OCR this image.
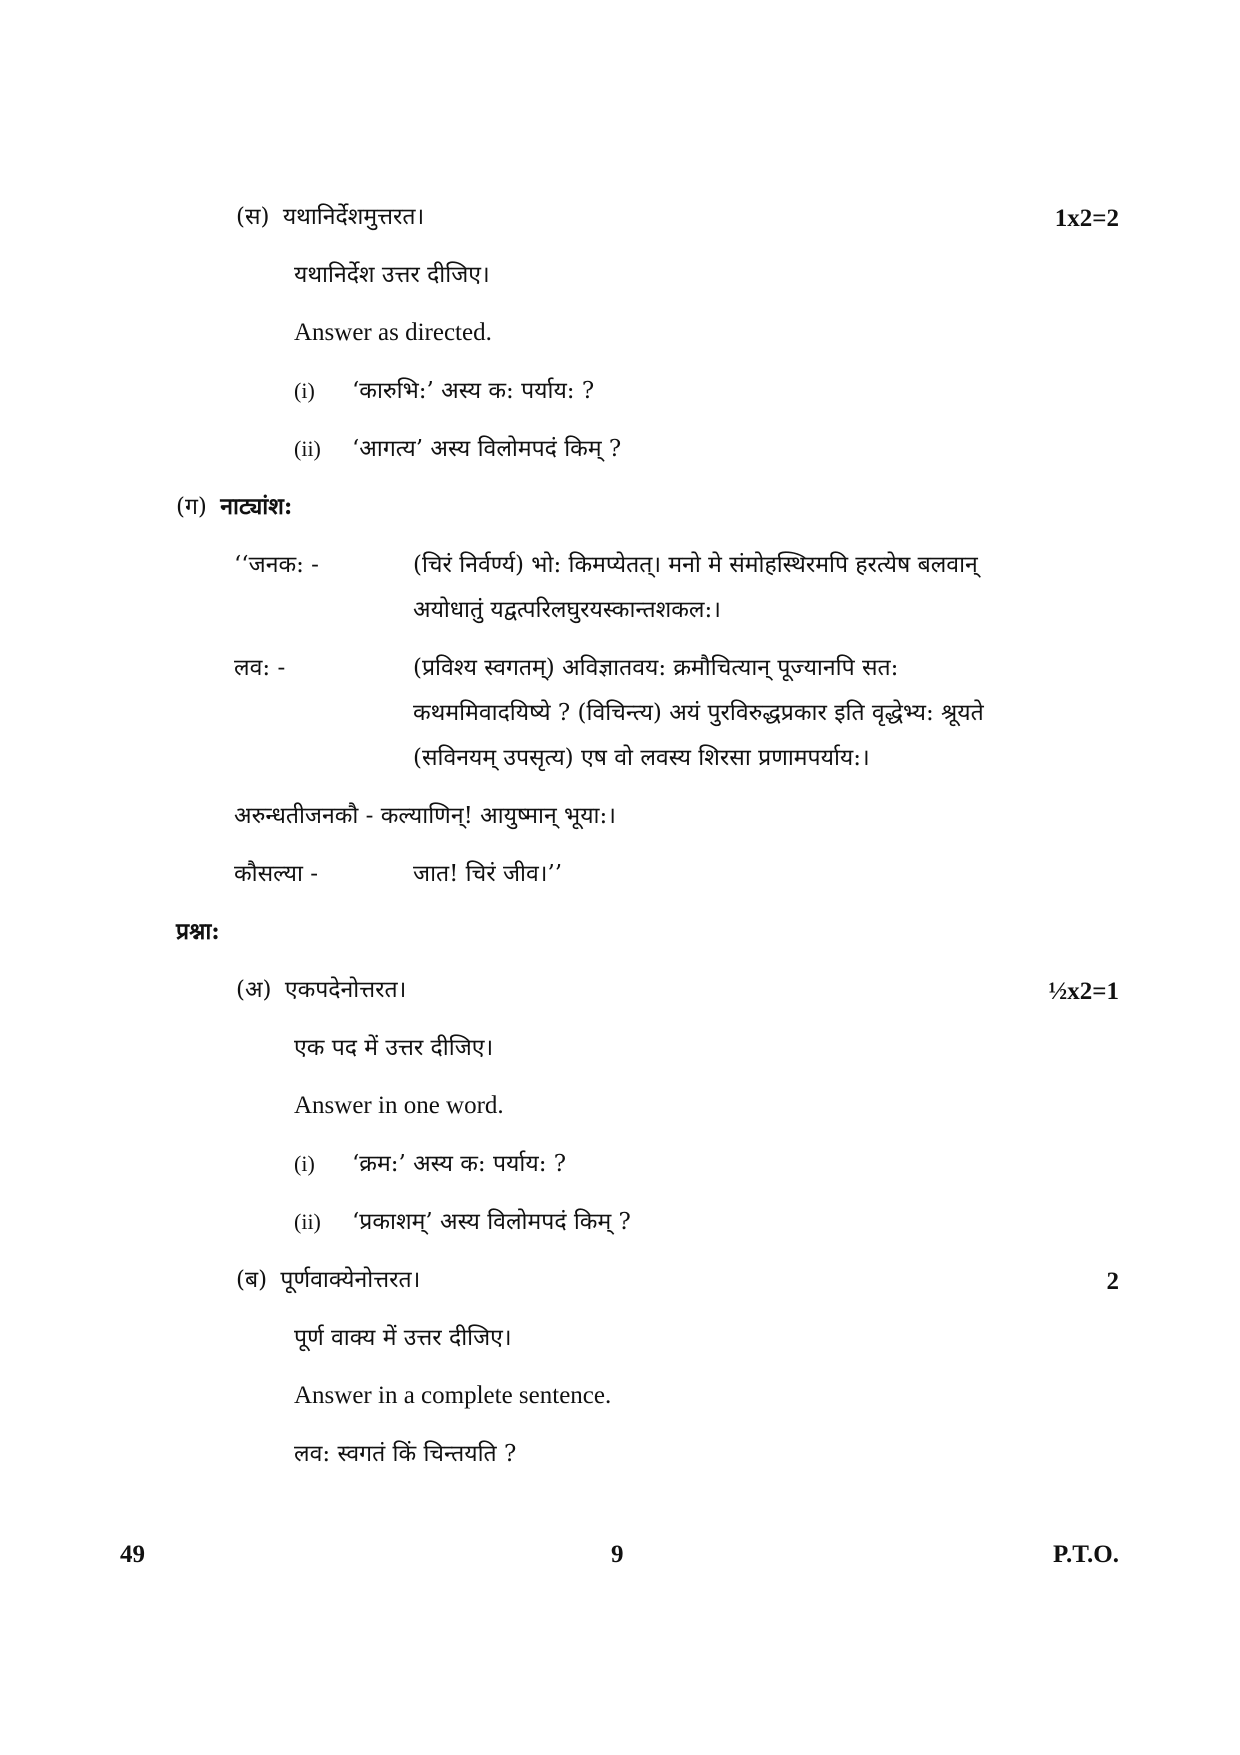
(स) यथानिर्देशमुत्तरत।	1x2=2
यथानिर्देश उत्तर दीजिए।
Answer as directed.
(i) ‘कारुभि:’ अस्य क: पर्याय: ?
(ii) ‘आगत्य’ अस्य विलोमपदं किम् ?
(ग) नाट्यांश:
‘‘जनक: -	(चिरं निर्वर्ण्य) भो: किमप्येतत्। मनो मे संमोहस्थिरमपि हरत्येष बलवान्
अयोधातुं यद्वत्परिलघुरयस्कान्तशकल:।
लव: -	(प्रविश्य स्वगतम्) अविज्ञातवय: क्रमौचित्यान् पूज्यानपि सत:
कथममिवादयिष्ये ? (विचिन्त्य) अयं पुरविरुद्धप्रकार इति वृद्धेभ्य: श्रूयते
(सविनयम् उपसृत्य) एष वो लवस्य शिरसा प्रणामपर्याय:।
अरुन्धतीजनकौ - कल्याणिन्! आयुष्मान् भूया:।
कौसल्या -	जात! चिरं जीव।’’
प्रश्ना:
(अ) एकपदेनोत्तरत।	½x2=1
एक पद में उत्तर दीजिए।
Answer in one word.
(i) ‘क्रम:’ अस्य क: पर्याय: ?
(ii) ‘प्रकाशम्’ अस्य विलोमपदं किम् ?
(ब) पूर्णवाक्येनोत्तरत।	2
पूर्ण वाक्य में उत्तर दीजिए।
Answer in a complete sentence.
लव: स्वगतं किं चिन्तयति ?
49	9	P.T.O.
